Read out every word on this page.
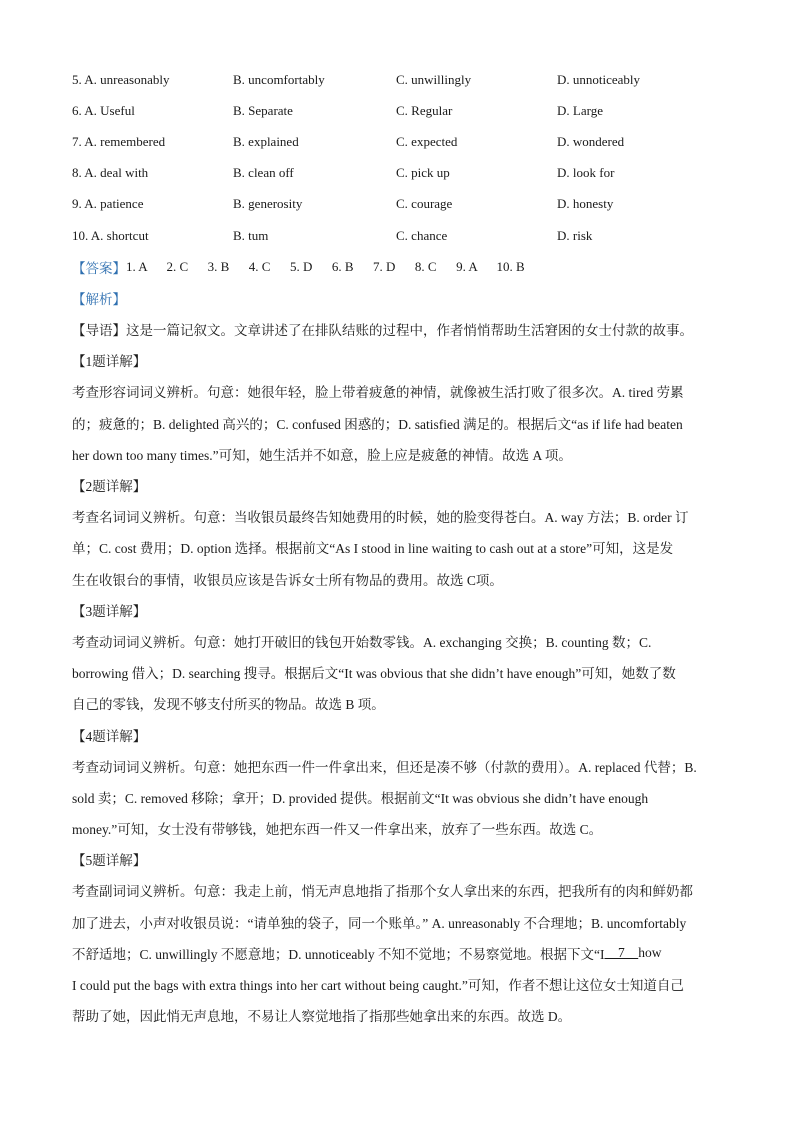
5. A. unreasonably	B. uncomfortably	C. unwillingly	D. unnoticeably
6. A. Useful	B. Separate	C. Regular	D. Large
7. A. remembered	B. explained	C. expected	D. wondered
8. A. deal with	B. clean off	C. pick up	D. look for
9. A. patience	B. generosity	C. courage	D. honesty
10. A. shortcut	B. tum	C. chance	D. risk
【答案】 1. A      2. C      3. B      4. C      5. D      6. B      7. D      8. C      9. A      10. B
【解析】
【导语】 这是一篇记叙文。文章讲述了在排队结账的过程中，作者悄悄帮助生活窘困的女士付款的故事。
【1题详解】
考查形容词词义辨析。句意：她很年轻，脸上带着疲惫的神情，就像被生活打败了很多次。A. tired 劳累
的；疲惫的；B. delighted 高兴的；C. confused 困惑的；D. satisfied 满足的。根据后文“as if life had beaten
her down too many times.”可知，她生活并不如意，脸上应是疲惫的神情。故选 A 项。
【2题详解】
考查名词词义辨析。句意：当收银员最终告知她费用的时候，她的脸变得苍白。A. way 方法；B. order 订
单；C. cost 费用；D. option 选择。根据前文“As I stood in line waiting to cash out at a store”可知，这是发
生在收银台的事情，收银员应该是告诉女士所有物品的费用。故选 C项。
【3题详解】
考查动词词义辨析。句意：她打开破旧的钱包开始数零钱。A. exchanging 交换；B. counting 数；C.
borrowing 借入；D. searching 搜寻。根据后文“It was obvious that she didn’t have enough”可知，她数了数
自己的零钱，发现不够支付所买的物品。故选 B 项。
【4题详解】
考查动词词义辨析。句意：她把东西一件一件拿出来，但还是凑不够（付款的费用）。A. replaced 代替；B.
sold 卖；C. removed 移除；拿开；D. provided 提供。根据前文“It was obvious she didn’t have enough
money.”可知，女士没有带够钱，她把东西一件又一件拿出来，放弃了一些东西。故选 C。
【5题详解】
考查副词词义辨析。句意：我走上前，悄无声息地指了指那个女人拿出来的东西，把我所有的肉和鲜奶都
加了进去，小声对收银员说：“请单独的袋子，同一个账单。” A. unreasonably 不合理地；B. uncomfortably
不舒适地；C. unwillingly 不愿意地；D. unnoticeably 不知不觉地；不易察觉地。根据下文“I 7 how
I could put the bags with extra things into her cart without being caught.”可知，作者不想让这位女士知道自己
帮助了她，因此悄无声息地，不易让人察觉地指了指那些她拿出来的东西。故选 D。
